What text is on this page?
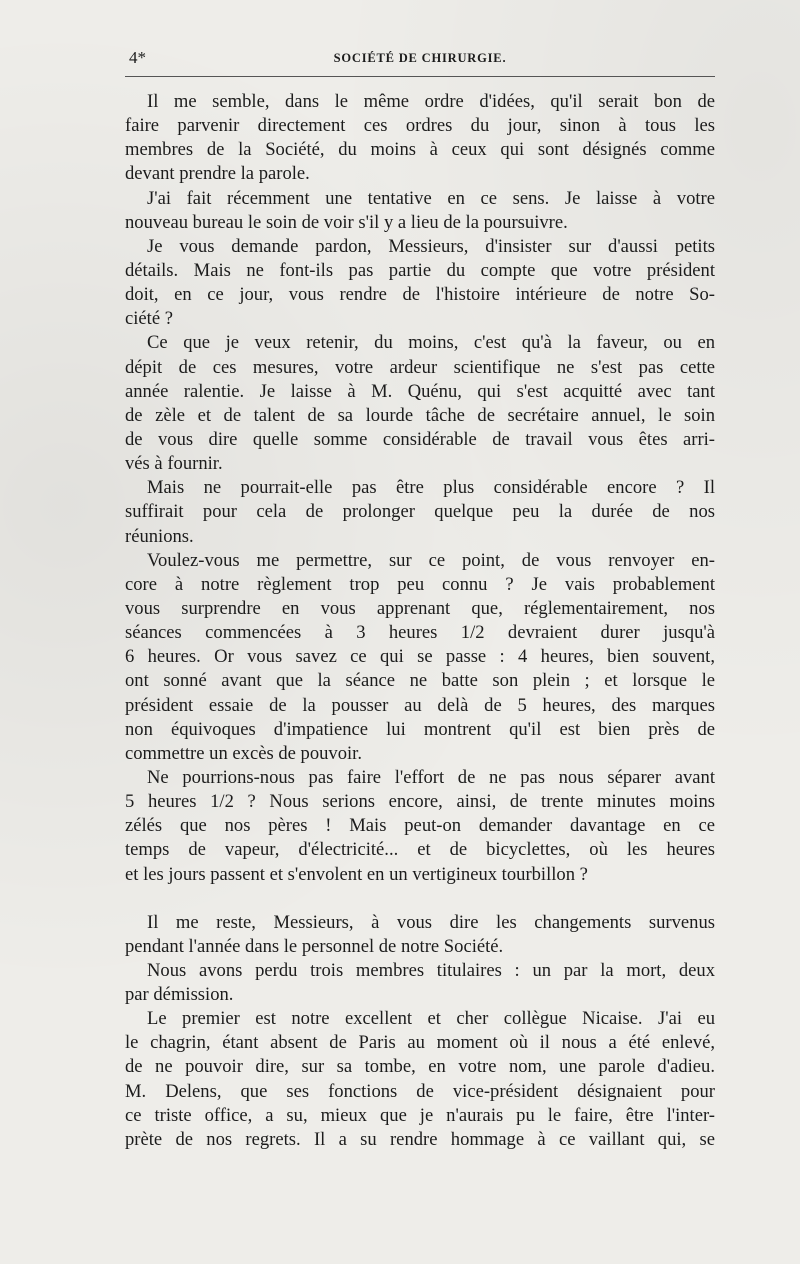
4*	SOCIÉTÉ DE CHIRURGIE.
Il me semble, dans le même ordre d'idées, qu'il serait bon de
faire parvenir directement ces ordres du jour, sinon à tous les
membres de la Société, du moins à ceux qui sont désignés comme
devant prendre la parole.
J'ai fait récemment une tentative en ce sens. Je laisse à votre
nouveau bureau le soin de voir s'il y a lieu de la poursuivre.
Je vous demande pardon, Messieurs, d'insister sur d'aussi petits
détails. Mais ne font-ils pas partie du compte que votre président
doit, en ce jour, vous rendre de l'histoire intérieure de notre So-
ciété ?
Ce que je veux retenir, du moins, c'est qu'à la faveur, ou en
dépit de ces mesures, votre ardeur scientifique ne s'est pas cette
année ralentie. Je laisse à M. Quénu, qui s'est acquitté avec tant
de zèle et de talent de sa lourde tâche de secrétaire annuel, le soin
de vous dire quelle somme considérable de travail vous êtes arri-
vés à fournir.
Mais ne pourrait-elle pas être plus considérable encore ? Il
suffirait pour cela de prolonger quelque peu la durée de nos
réunions.
Voulez-vous me permettre, sur ce point, de vous renvoyer en-
core à notre règlement trop peu connu ? Je vais probablement
vous surprendre en vous apprenant que, réglementairement, nos
séances commencées à 3 heures 1/2 devraient durer jusqu'à
6 heures. Or vous savez ce qui se passe : 4 heures, bien souvent,
ont sonné avant que la séance ne batte son plein ; et lorsque le
président essaie de la pousser au delà de 5 heures, des marques
non équivoques d'impatience lui montrent qu'il est bien près de
commettre un excès de pouvoir.
Ne pourrions-nous pas faire l'effort de ne pas nous séparer avant
5 heures 1/2 ? Nous serions encore, ainsi, de trente minutes moins
zélés que nos pères ! Mais peut-on demander davantage en ce
temps de vapeur, d'électricité... et de bicyclettes, où les heures
et les jours passent et s'envolent en un vertigineux tourbillon ?
Il me reste, Messieurs, à vous dire les changements survenus
pendant l'année dans le personnel de notre Société.
Nous avons perdu trois membres titulaires : un par la mort, deux
par démission.
Le premier est notre excellent et cher collègue Nicaise. J'ai eu
le chagrin, étant absent de Paris au moment où il nous a été enlevé,
de ne pouvoir dire, sur sa tombe, en votre nom, une parole d'adieu.
M. Delens, que ses fonctions de vice-président désignaient pour
ce triste office, a su, mieux que je n'aurais pu le faire, être l'inter-
prète de nos regrets. Il a su rendre hommage à ce vaillant qui, se
